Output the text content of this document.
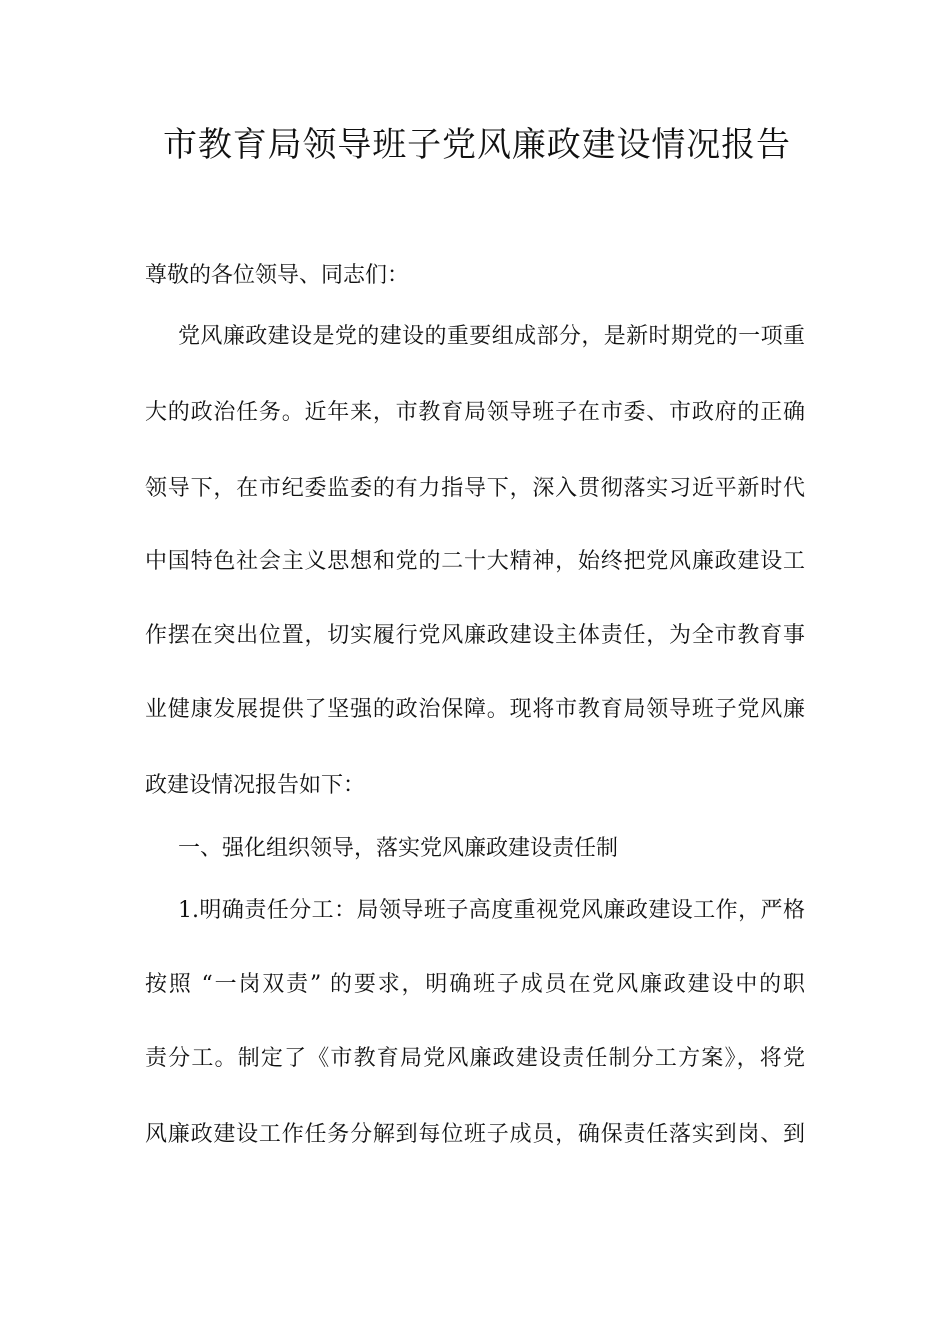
市教育局领导班子党风廉政建设情况报告
尊敬的各位领导、同志们：
党风廉政建设是党的建设的重要组成部分，是新时期党的一项重
大的政治任务。近年来，市教育局领导班子在市委、市政府的正确
领导下，在市纪委监委的有力指导下，深入贯彻落实习近平新时代
中国特色社会主义思想和党的二十大精神，始终把党风廉政建设工
作摆在突出位置，切实履行党风廉政建设主体责任，为全市教育事
业健康发展提供了坚强的政治保障。现将市教育局领导班子党风廉
政建设情况报告如下：
一、强化组织领导，落实党风廉政建设责任制
1.明确责任分工：局领导班子高度重视党风廉政建设工作，严格
按照 “一岗双责” 的要求，明确班子成员在党风廉政建设中的职
责分工。制定了《市教育局党风廉政建设责任制分工方案》，将党
风廉政建设工作任务分解到每位班子成员，确保责任落实到岗、到
